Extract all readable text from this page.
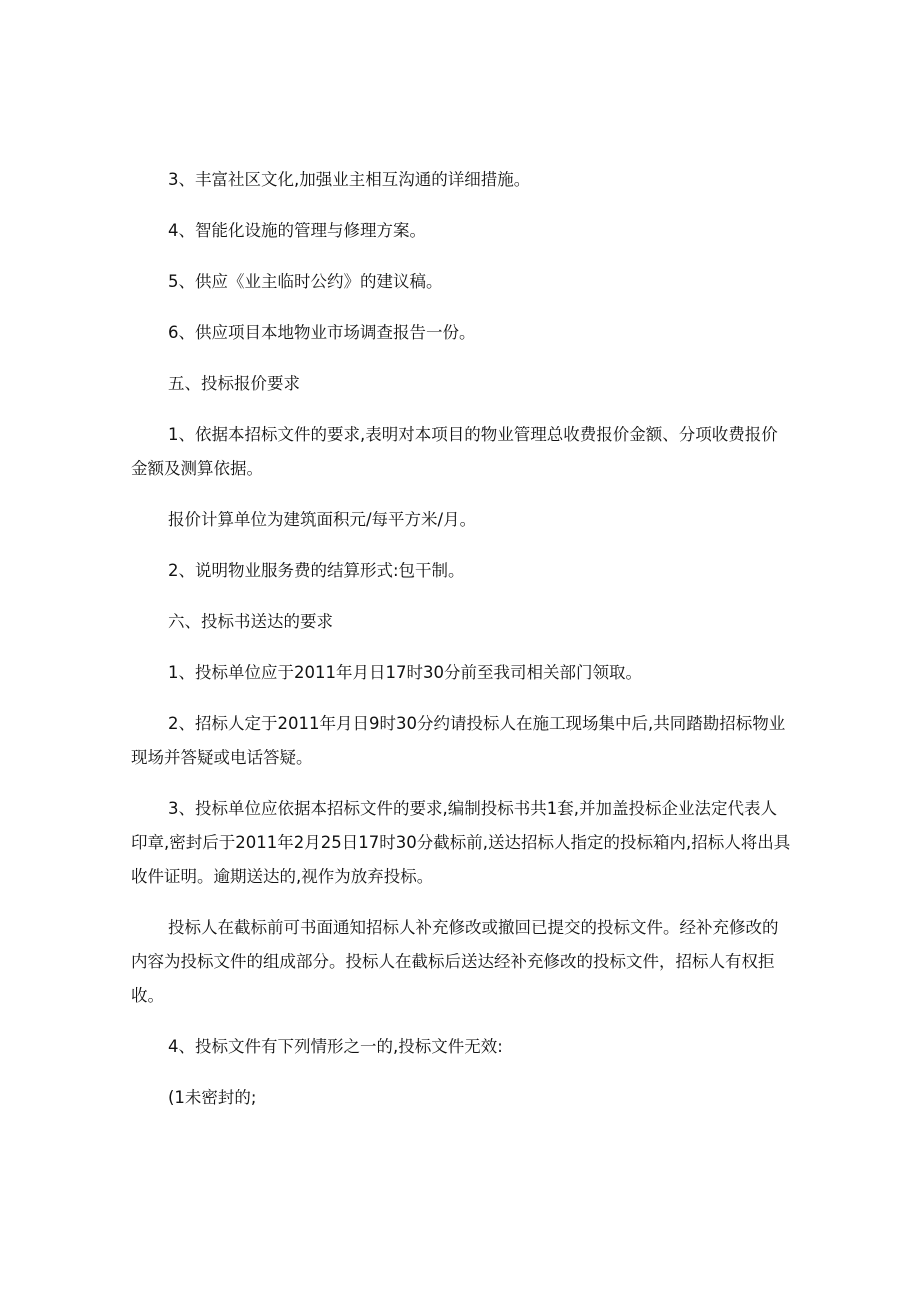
3、丰富社区文化,加强业主相互沟通的详细措施。

4、智能化设施的管理与修理方案。

5、供应《业主临时公约》的建议稿。

6、供应项目本地物业市场调查报告一份。

五、投标报价要求

1、依据本招标文件的要求,表明对本项目的物业管理总收费报价金额、分项收费报价金额及测算依据。

报价计算单位为建筑面积元/每平方米/月。

2、说明物业服务费的结算形式:包干制。

六、投标书送达的要求

1、投标单位应于2011年月日17时30分前至我司相关部门领取。

2、招标人定于2011年月日9时30分约请投标人在施工现场集中后,共同踏勘招标物业现场并答疑或电话答疑。

3、投标单位应依据本招标文件的要求,编制投标书共1套,并加盖投标企业法定代表人印章,密封后于2011年2月25日17时30分截标前,送达招标人指定的投标箱内,招标人将出具收件证明。逾期送达的,视作为放弃投标。

投标人在截标前可书面通知招标人补充修改或撤回已提交的投标文件。经补充修改的内容为投标文件的组成部分。投标人在截标后送达经补充修改的投标文件，招标人有权拒收。

4、投标文件有下列情形之一的,投标文件无效:

(1未密封的;
